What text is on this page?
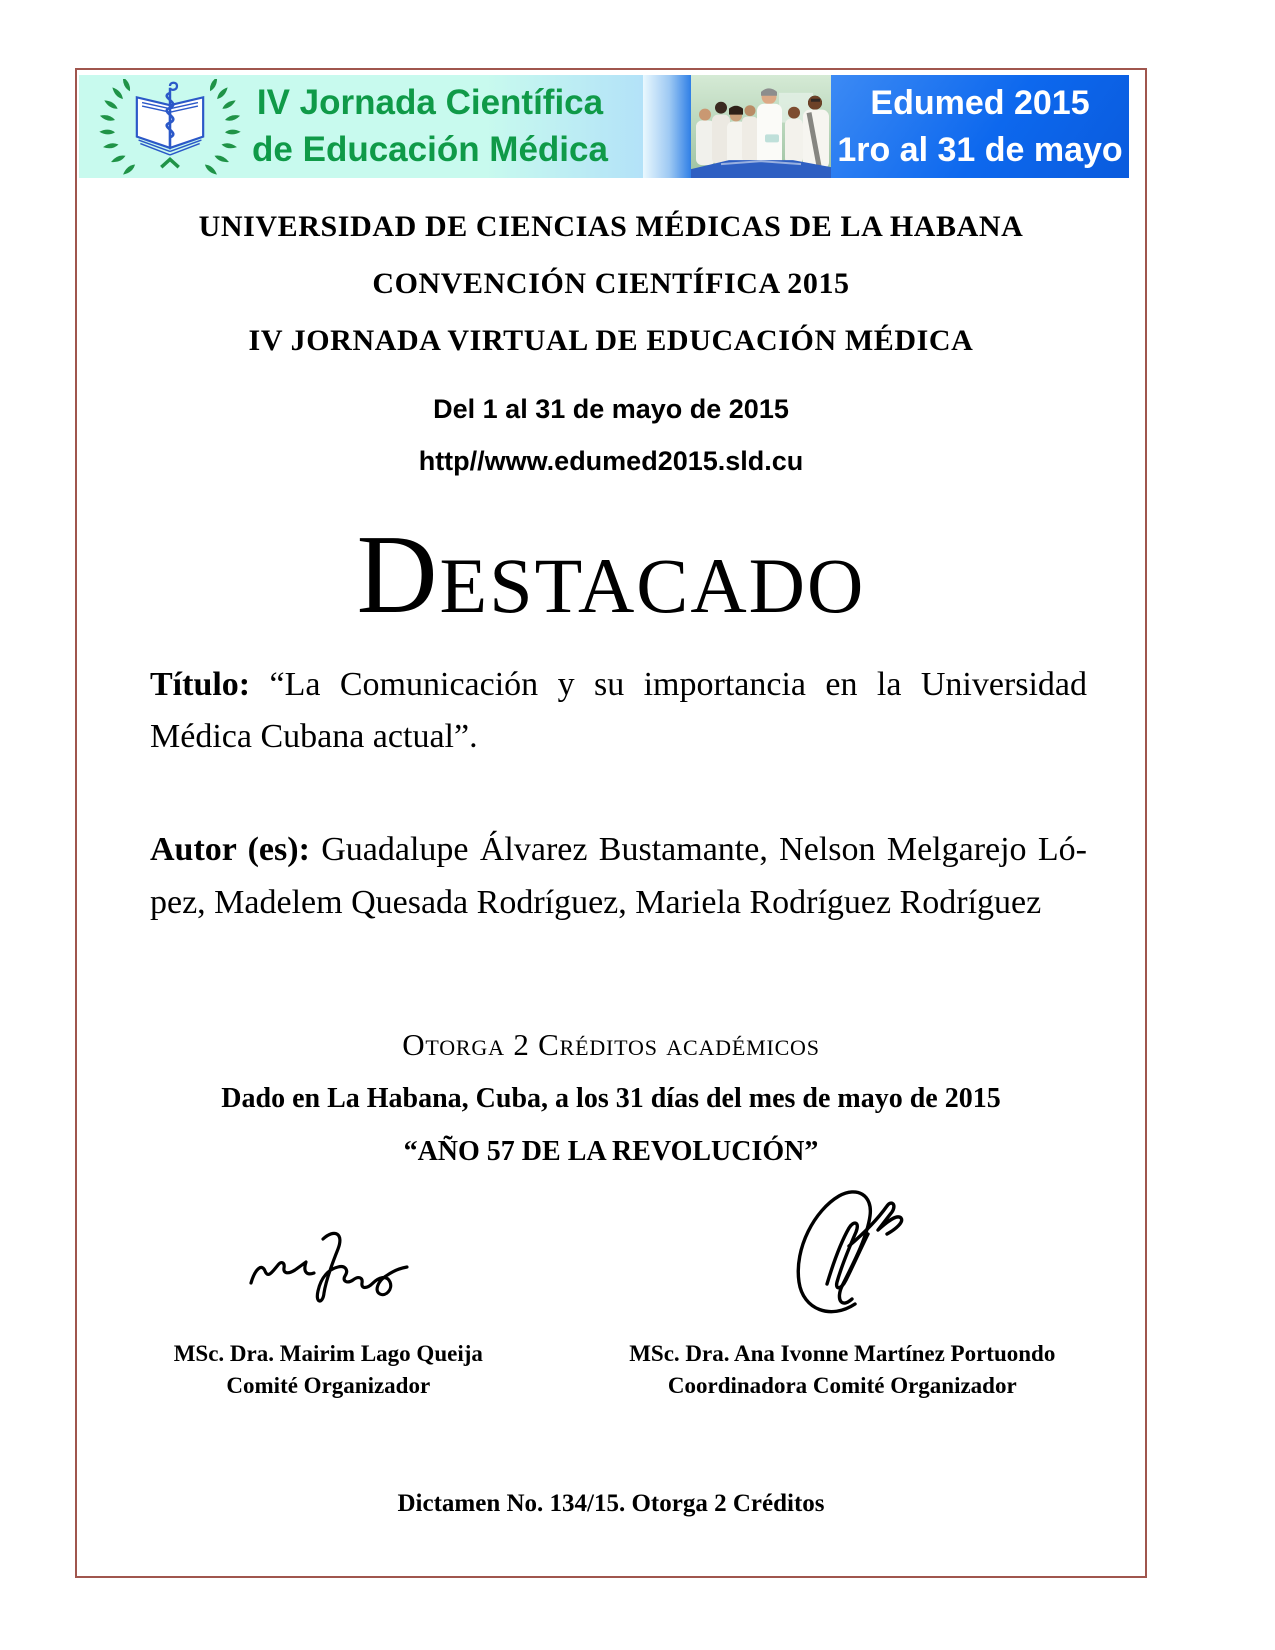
IV Jornada Científica
de Educación Médica
Edumed 2015
1ro al 31 de mayo
UNIVERSIDAD DE CIENCIAS MÉDICAS DE LA HABANA
CONVENCIÓN CIENTÍFICA 2015
IV JORNADA VIRTUAL DE EDUCACIÓN MÉDICA
Del 1 al 31 de mayo de 2015
http//www.edumed2015.sld.cu
Destacado
Título: “La Comunicación y su importancia en la Universidad
Médica Cubana actual”.
Autor (es): Guadalupe Álvarez Bustamante, Nelson Melgarejo Ló-
pez, Madelem Quesada Rodríguez, Mariela Rodríguez Rodríguez
Otorga 2 Créditos académicos
Dado en La Habana, Cuba, a los 31 días del mes de mayo de 2015
“AÑO 57 DE LA REVOLUCIÓN”
MSc. Dra. Mairim Lago Queija
Comité Organizador
MSc. Dra. Ana Ivonne Martínez Portuondo
Coordinadora Comité Organizador
Dictamen No. 134/15. Otorga 2 Créditos
